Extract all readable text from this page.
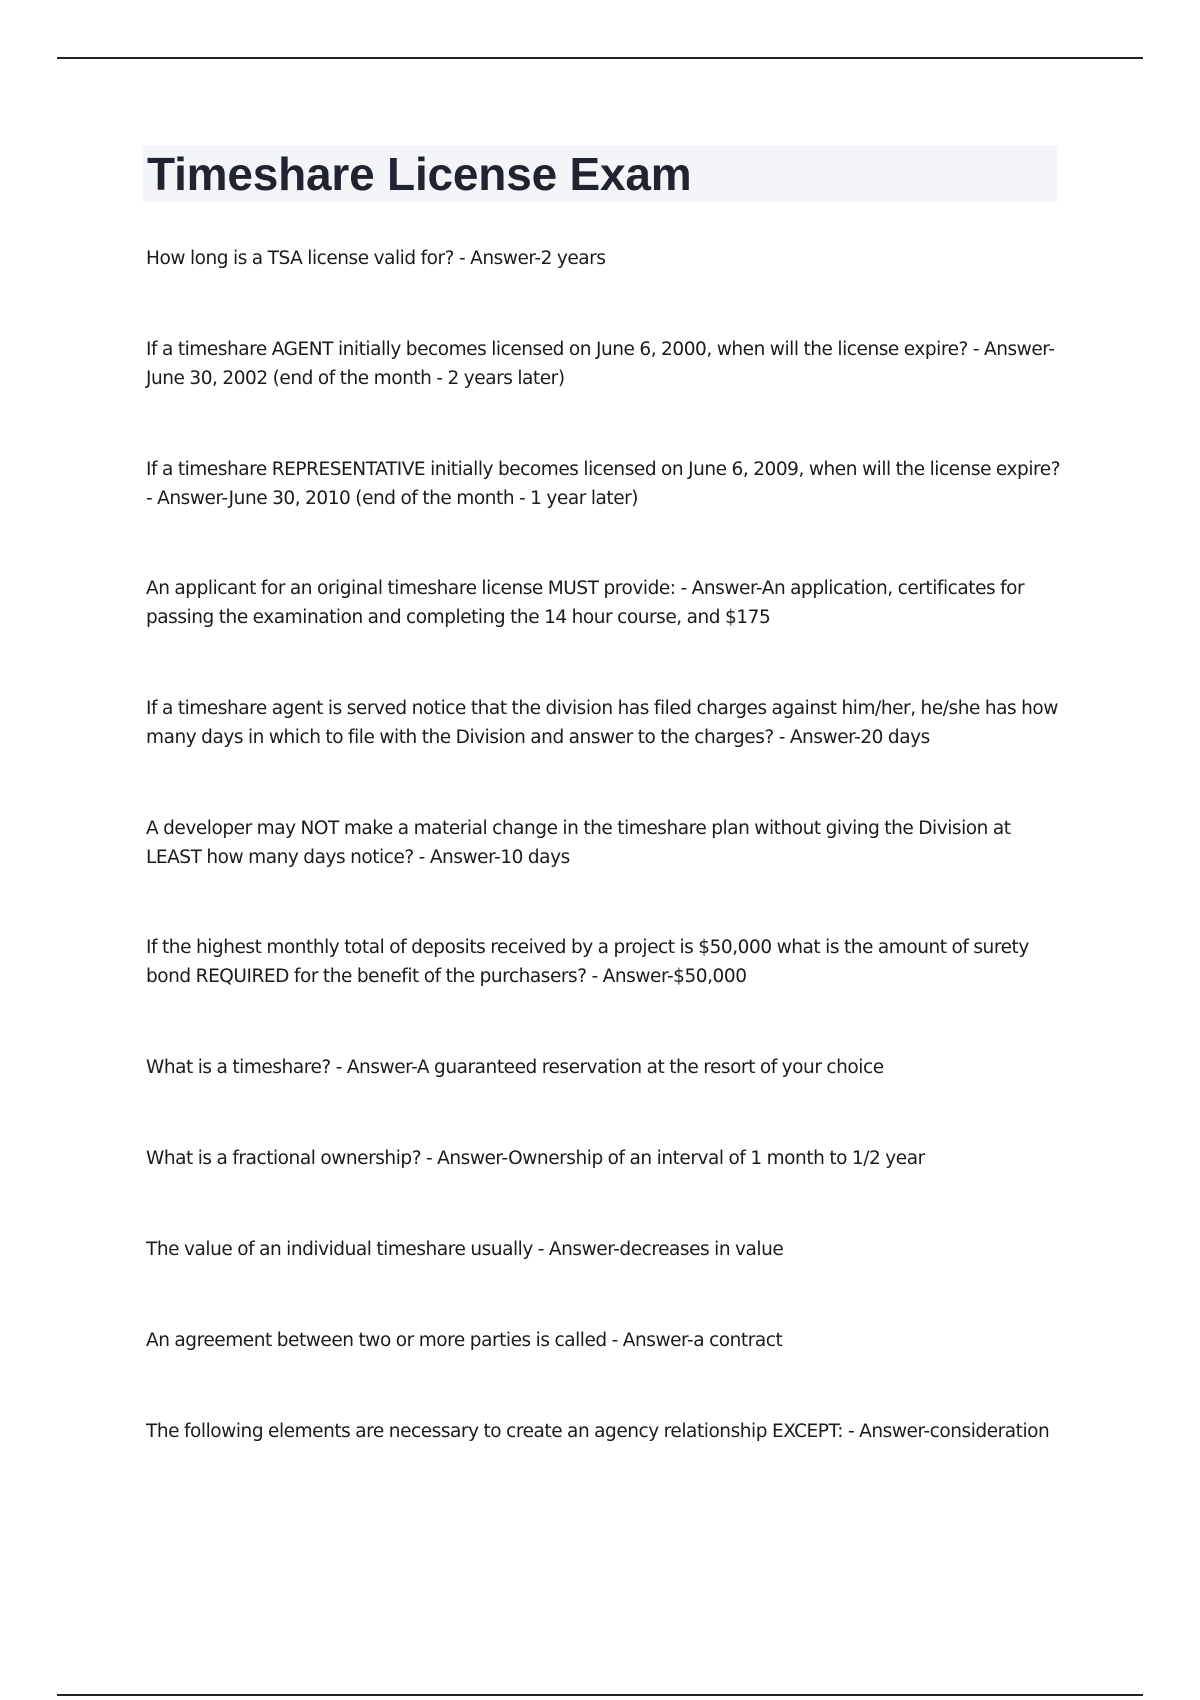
Timeshare License Exam

How long is a TSA license valid for? - Answer-2 years

If a timeshare AGENT initially becomes licensed on June 6, 2000, when will the license expire? - Answer-June 30, 2002 (end of the month - 2 years later)

If a timeshare REPRESENTATIVE initially becomes licensed on June 6, 2009, when will the license expire? - Answer-June 30, 2010 (end of the month - 1 year later)

An applicant for an original timeshare license MUST provide: - Answer-An application, certificates for passing the examination and completing the 14 hour course, and $175

If a timeshare agent is served notice that the division has filed charges against him/her, he/she has how many days in which to file with the Division and answer to the charges? - Answer-20 days

A developer may NOT make a material change in the timeshare plan without giving the Division at LEAST how many days notice? - Answer-10 days

If the highest monthly total of deposits received by a project is $50,000 what is the amount of surety bond REQUIRED for the benefit of the purchasers? - Answer-$50,000

What is a timeshare? - Answer-A guaranteed reservation at the resort of your choice

What is a fractional ownership? - Answer-Ownership of an interval of 1 month to 1/2 year

The value of an individual timeshare usually - Answer-decreases in value

An agreement between two or more parties is called - Answer-a contract

The following elements are necessary to create an agency relationship EXCEPT: - Answer-consideration
